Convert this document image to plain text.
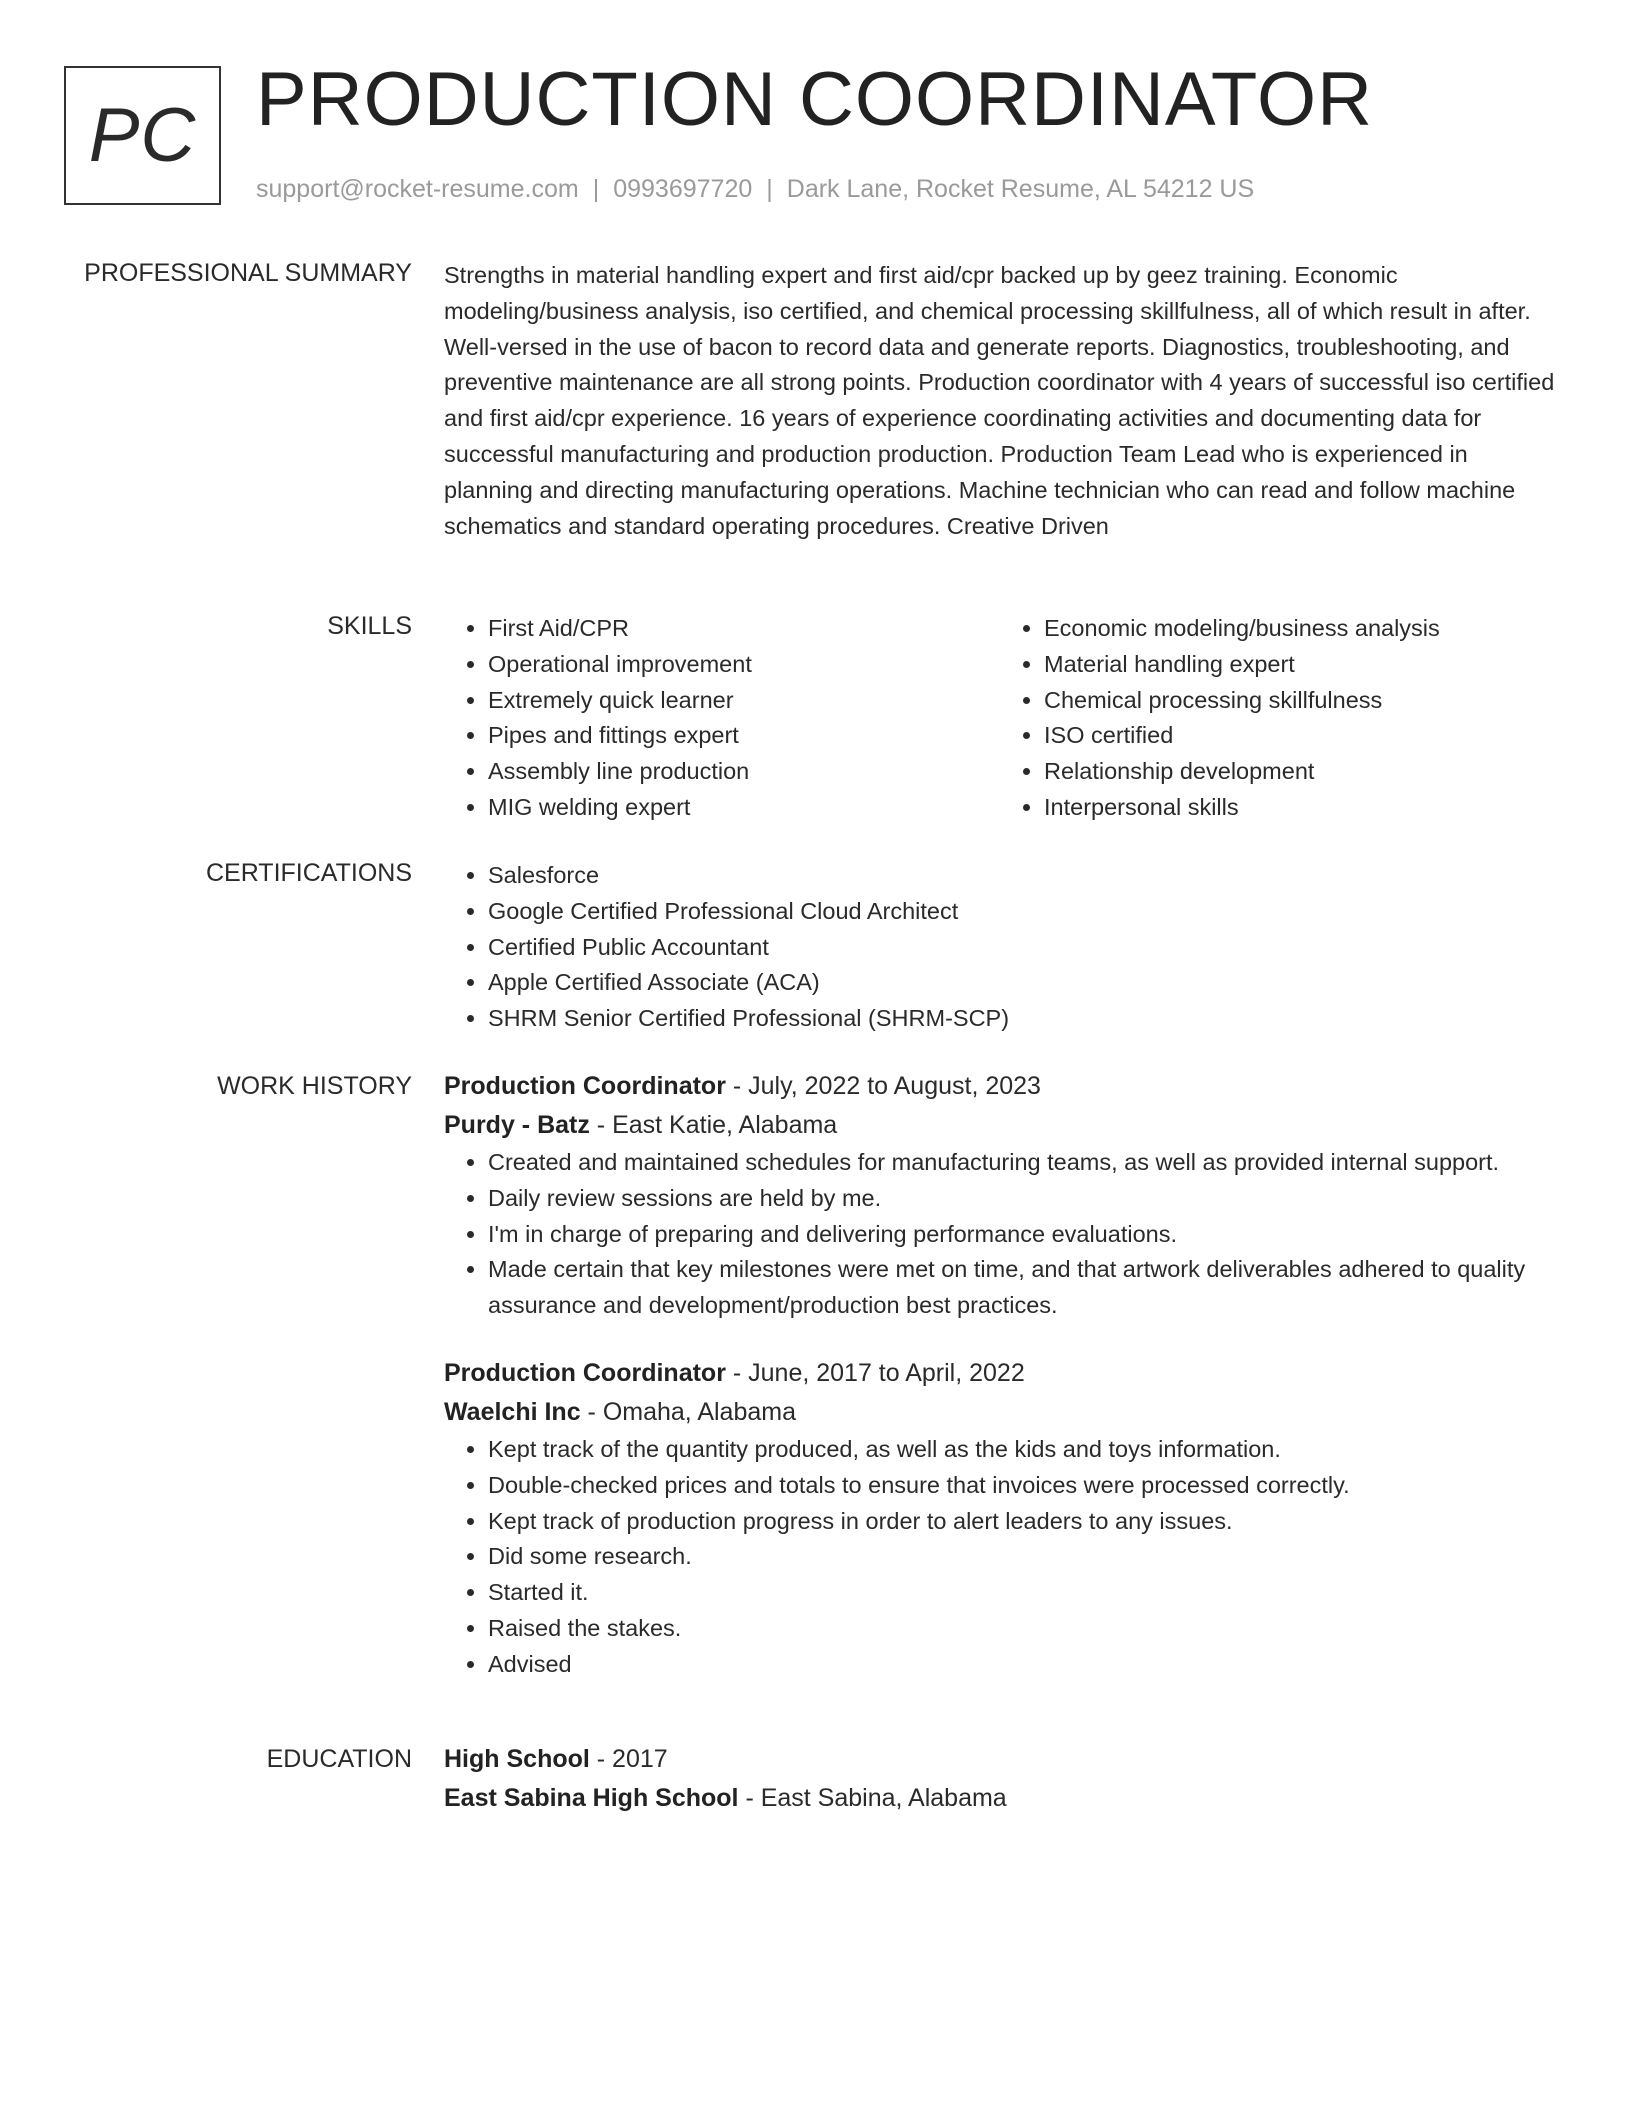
PC PRODUCTION COORDINATOR
support@rocket-resume.com | 0993697720 | Dark Lane, Rocket Resume, AL 54212 US
PROFESSIONAL SUMMARY Strengths in material handling expert and first aid/cpr backed up by geez training. Economic modeling/business analysis, iso certified, and chemical processing skillfulness, all of which result in after. Well-versed in the use of bacon to record data and generate reports. Diagnostics, troubleshooting, and preventive maintenance are all strong points. Production coordinator with 4 years of successful iso certified and first aid/cpr experience. 16 years of experience coordinating activities and documenting data for successful manufacturing and production production. Production Team Lead who is experienced in planning and directing manufacturing operations. Machine technician who can read and follow machine schematics and standard operating procedures. Creative Driven

SKILLS	• First Aid/CPR
• Operational improvement
• Extremely quick learner
• Pipes and fittings expert
• Assembly line production
• MIG welding expert
• Economic modeling/business analysis
• Material handling expert
• Chemical processing skillfulness
• ISO certified
• Relationship development
• Interpersonal skills
CERTIFICATIONS	• Salesforce
• Google Certified Professional Cloud Architect
• Certified Public Accountant
• Apple Certified Associate (ACA)
• SHRM Senior Certified Professional (SHRM-SCP)
WORK HISTORY Production Coordinator - July, 2022 to August, 2023

Purdy - Batz - East Katie, Alabama

• Created and maintained schedules for manufacturing teams, as well as provided internal support.
• Daily review sessions are held by me.
• I'm in charge of preparing and delivering performance evaluations.
• Made certain that key milestones were met on time, and that artwork deliverables adhered to quality assurance and development/production best practices.

Production Coordinator - June, 2017 to April, 2022

Waelchi Inc - Omaha, Alabama

• Kept track of the quantity produced, as well as the kids and toys information.
• Double-checked prices and totals to ensure that invoices were processed correctly.
• Kept track of production progress in order to alert leaders to any issues.
• Did some research.
• Started it.
• Raised the stakes.
• Advised
EDUCATION High School - 2017

East Sabina High School - East Sabina, Alabama
